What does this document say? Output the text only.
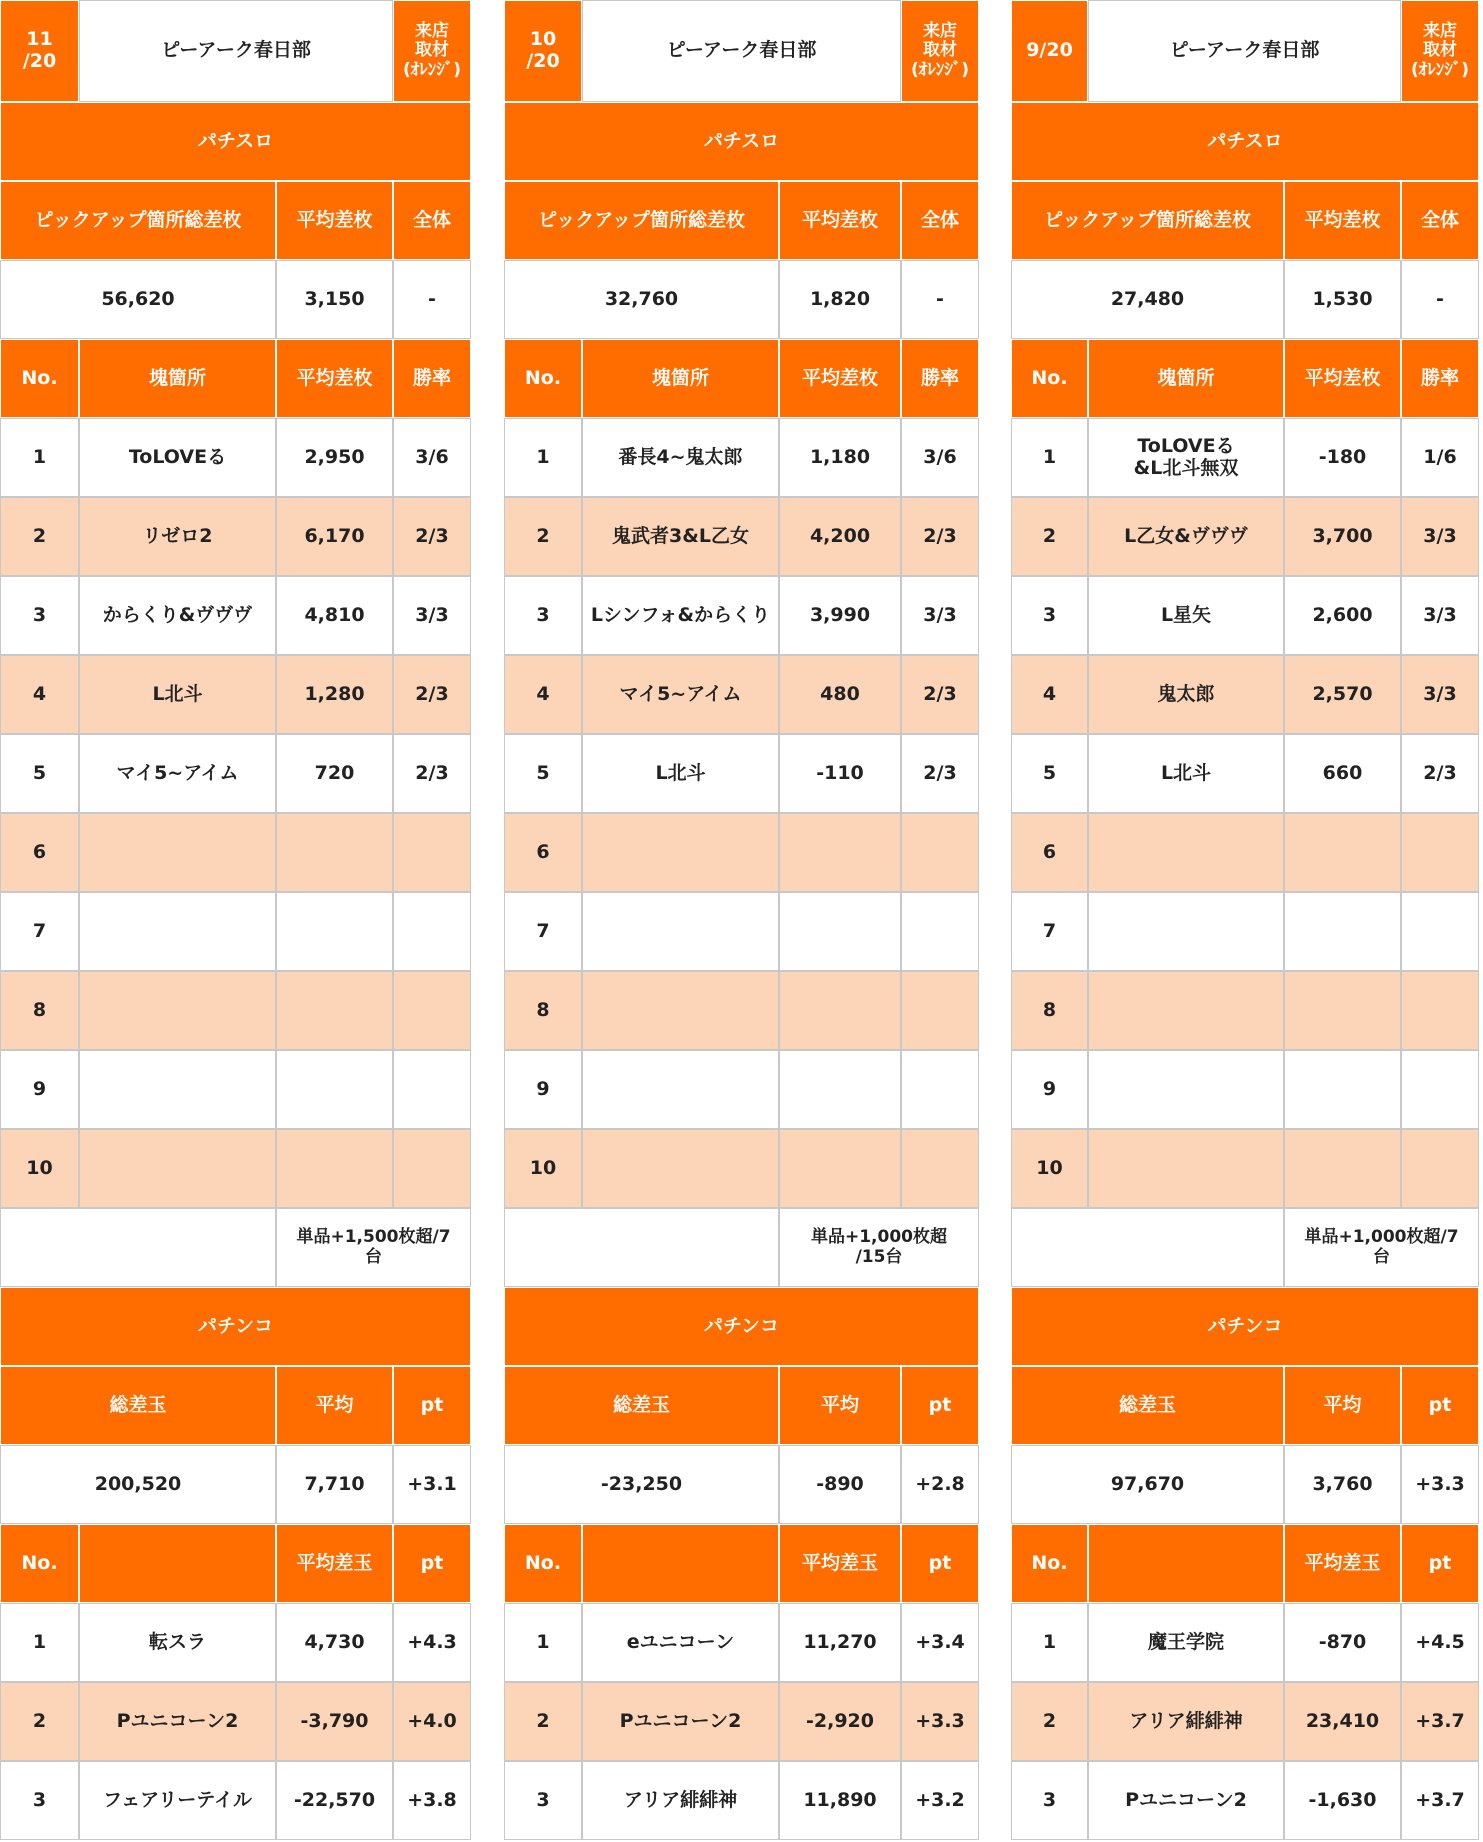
11
/20	ピーアーク春日部
来店
取材
(ｵﾚﾝｼﾞ)
パチスロ
ピックアップ箇所総差枚	平均差枚	全体
56,620	3,150	-
No.	塊箇所	平均差枚	勝率
1	ToLOVEる	2,950	3/6
2	リゼロ2	6,170	2/3
3	からくり&ヴヴヴ	4,810	3/3
4	L北斗	1,280	2/3
5	マイ5~アイム	720	2/3
6
7
8
9
10
単品+1,500枚超/7
台
パチンコ
総差玉	平均	pt
200,520	7,710	+3.1
No.	平均差玉	pt
1	転スラ	4,730	+4.3
2	Pユニコーン2	-3,790	+4.0
3	フェアリーテイル	-22,570	+3.8
10
/20	ピーアーク春日部
来店
取材
(ｵﾚﾝｼﾞ)
パチスロ
ピックアップ箇所総差枚	平均差枚	全体
32,760	1,820	-
No.	塊箇所	平均差枚	勝率
1	番長4~鬼太郎	1,180	3/6
2	鬼武者3&L乙女	4,200	2/3
3	Lシンフォ&からくり	3,990	3/3
4	マイ5~アイム	480	2/3
5	L北斗	-110	2/3
6
7
8
9
10
単品+1,000枚超
/15台
パチンコ
総差玉	平均	pt
-23,250	-890	+2.8
No.	平均差玉	pt
1	eユニコーン	11,270	+3.4
2	Pユニコーン2	-2,920	+3.3
3	アリア緋緋神	11,890	+3.2
9/20	ピーアーク春日部
来店
取材
(ｵﾚﾝｼﾞ)
パチスロ
ピックアップ箇所総差枚	平均差枚	全体
27,480	1,530	-
No.	塊箇所	平均差枚	勝率
1	ToLOVEる
&L北斗無双	-180	1/6
2	L乙女&ヴヴヴ	3,700	3/3
3	L星矢	2,600	3/3
4	鬼太郎	2,570	3/3
5	L北斗	660	2/3
6
7
8
9
10
単品+1,000枚超/7
台
パチンコ
総差玉	平均	pt
97,670	3,760	+3.3
No.	平均差玉	pt
1	魔王学院	-870	+4.5
2	アリア緋緋神	23,410	+3.7
3	Pユニコーン2	-1,630	+3.7
